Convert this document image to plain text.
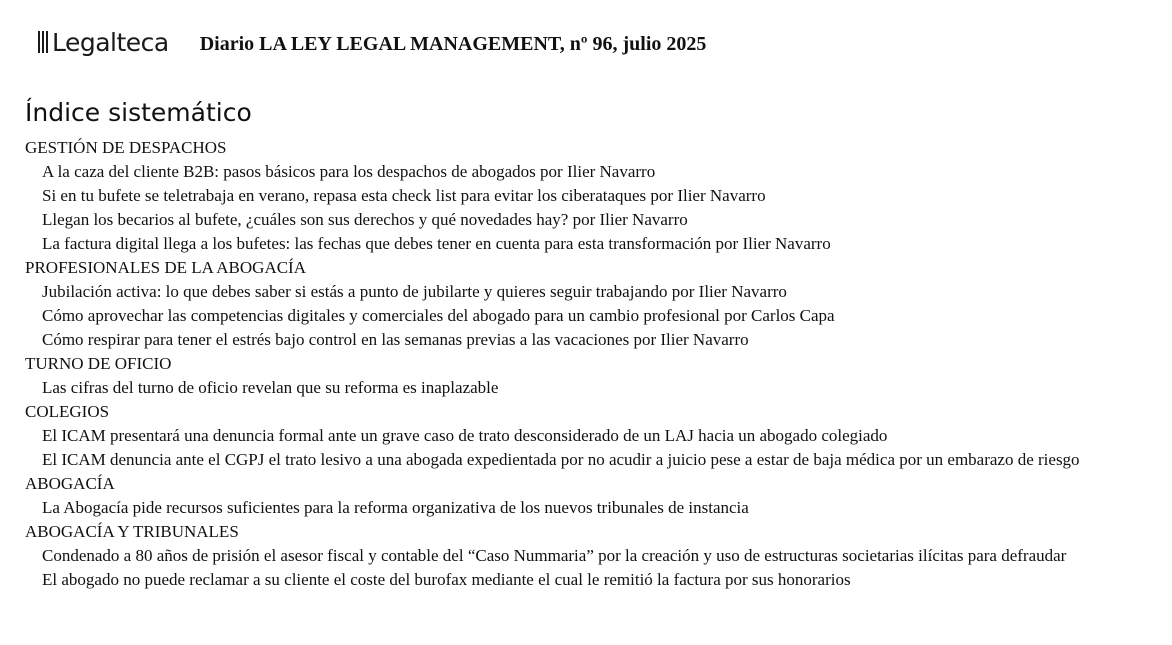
Legalteca Diario LA LEY LEGAL MANAGEMENT, nº 96, julio 2025
Índice sistemático
GESTIÓN DE DESPACHOS
A la caza del cliente B2B: pasos básicos para los despachos de abogados por Ilier Navarro
Si en tu bufete se teletrabaja en verano, repasa esta check list para evitar los ciberataques por Ilier Navarro
Llegan los becarios al bufete, ¿cuáles son sus derechos y qué novedades hay? por Ilier Navarro
La factura digital llega a los bufetes: las fechas que debes tener en cuenta para esta transformación por Ilier Navarro
PROFESIONALES DE LA ABOGACÍA
Jubilación activa: lo que debes saber si estás a punto de jubilarte y quieres seguir trabajando por Ilier Navarro
Cómo aprovechar las competencias digitales y comerciales del abogado para un cambio profesional por Carlos Capa
Cómo respirar para tener el estrés bajo control en las semanas previas a las vacaciones por Ilier Navarro
TURNO DE OFICIO
Las cifras del turno de oficio revelan que su reforma es inaplazable
COLEGIOS
El ICAM presentará una denuncia formal ante un grave caso de trato desconsiderado de un LAJ hacia un abogado colegiado
El ICAM denuncia ante el CGPJ el trato lesivo a una abogada expedientada por no acudir a juicio pese a estar de baja médica por un embarazo de riesgo
ABOGACÍA
La Abogacía pide recursos suficientes para la reforma organizativa de los nuevos tribunales de instancia
ABOGACÍA Y TRIBUNALES
Condenado a 80 años de prisión el asesor fiscal y contable del “Caso Nummaria” por la creación y uso de estructuras societarias ilícitas para defraudar
El abogado no puede reclamar a su cliente el coste del burofax mediante el cual le remitió la factura por sus honorarios
